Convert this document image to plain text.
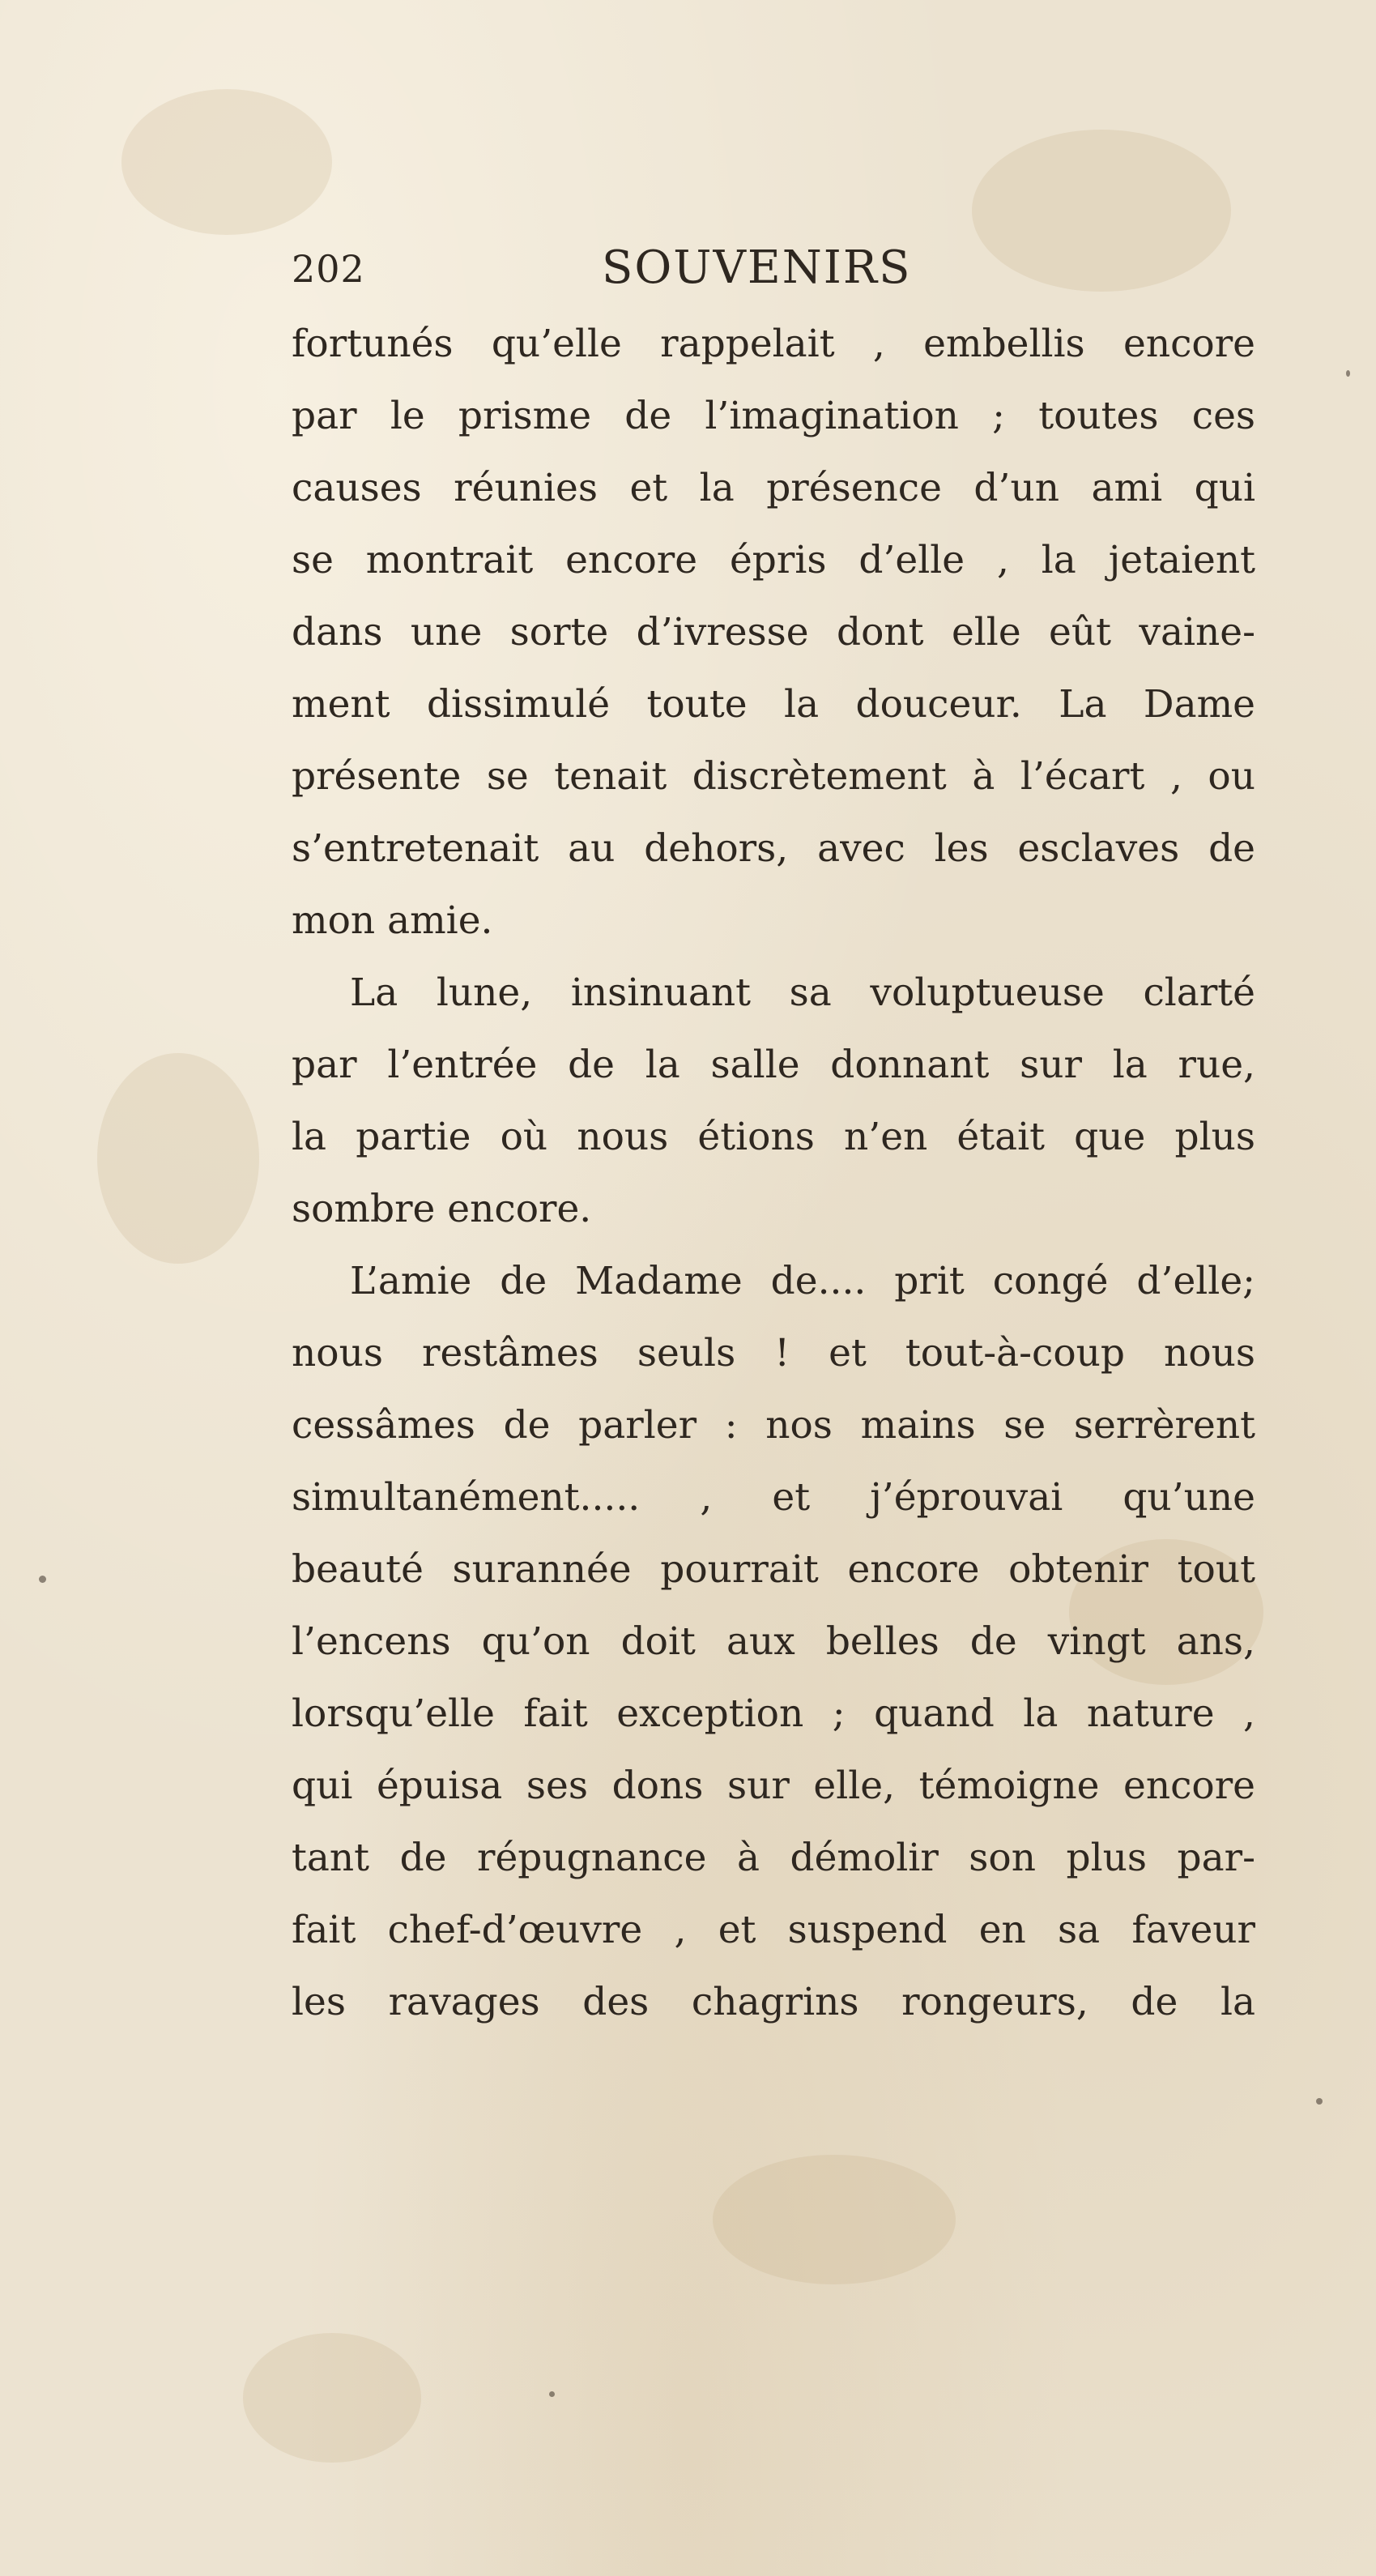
202	SOUVENIRS
fortunés qu’elle rappelait , embellis encore
par le prisme de l’imagination ; toutes ces
causes réunies et la présence d’un ami qui
se montrait encore épris d’elle , la jetaient
dans une sorte d’ivresse dont elle eût vaine-
ment dissimulé toute la douceur. La Dame
présente se tenait discrètement à l’écart , ou
s’entretenait au dehors, avec les esclaves de
mon amie.
La lune, insinuant sa voluptueuse clarté
par l’entrée de la salle donnant sur la rue,
la partie où nous étions n’en était que plus
sombre encore.
L’amie de Madame de.... prit congé d’elle;
nous restâmes seuls ! et tout-à-coup nous
cessâmes de parler : nos mains se serrèrent
simultanément..... , et j’éprouvai qu’une
beauté surannée pourrait encore obtenir tout
l’encens qu’on doit aux belles de vingt ans,
lorsqu’elle fait exception ; quand la nature ,
qui épuisa ses dons sur elle, témoigne encore
tant de répugnance à démolir son plus par-
fait chef-d’œuvre , et suspend en sa faveur
les ravages des chagrins rongeurs, de la
